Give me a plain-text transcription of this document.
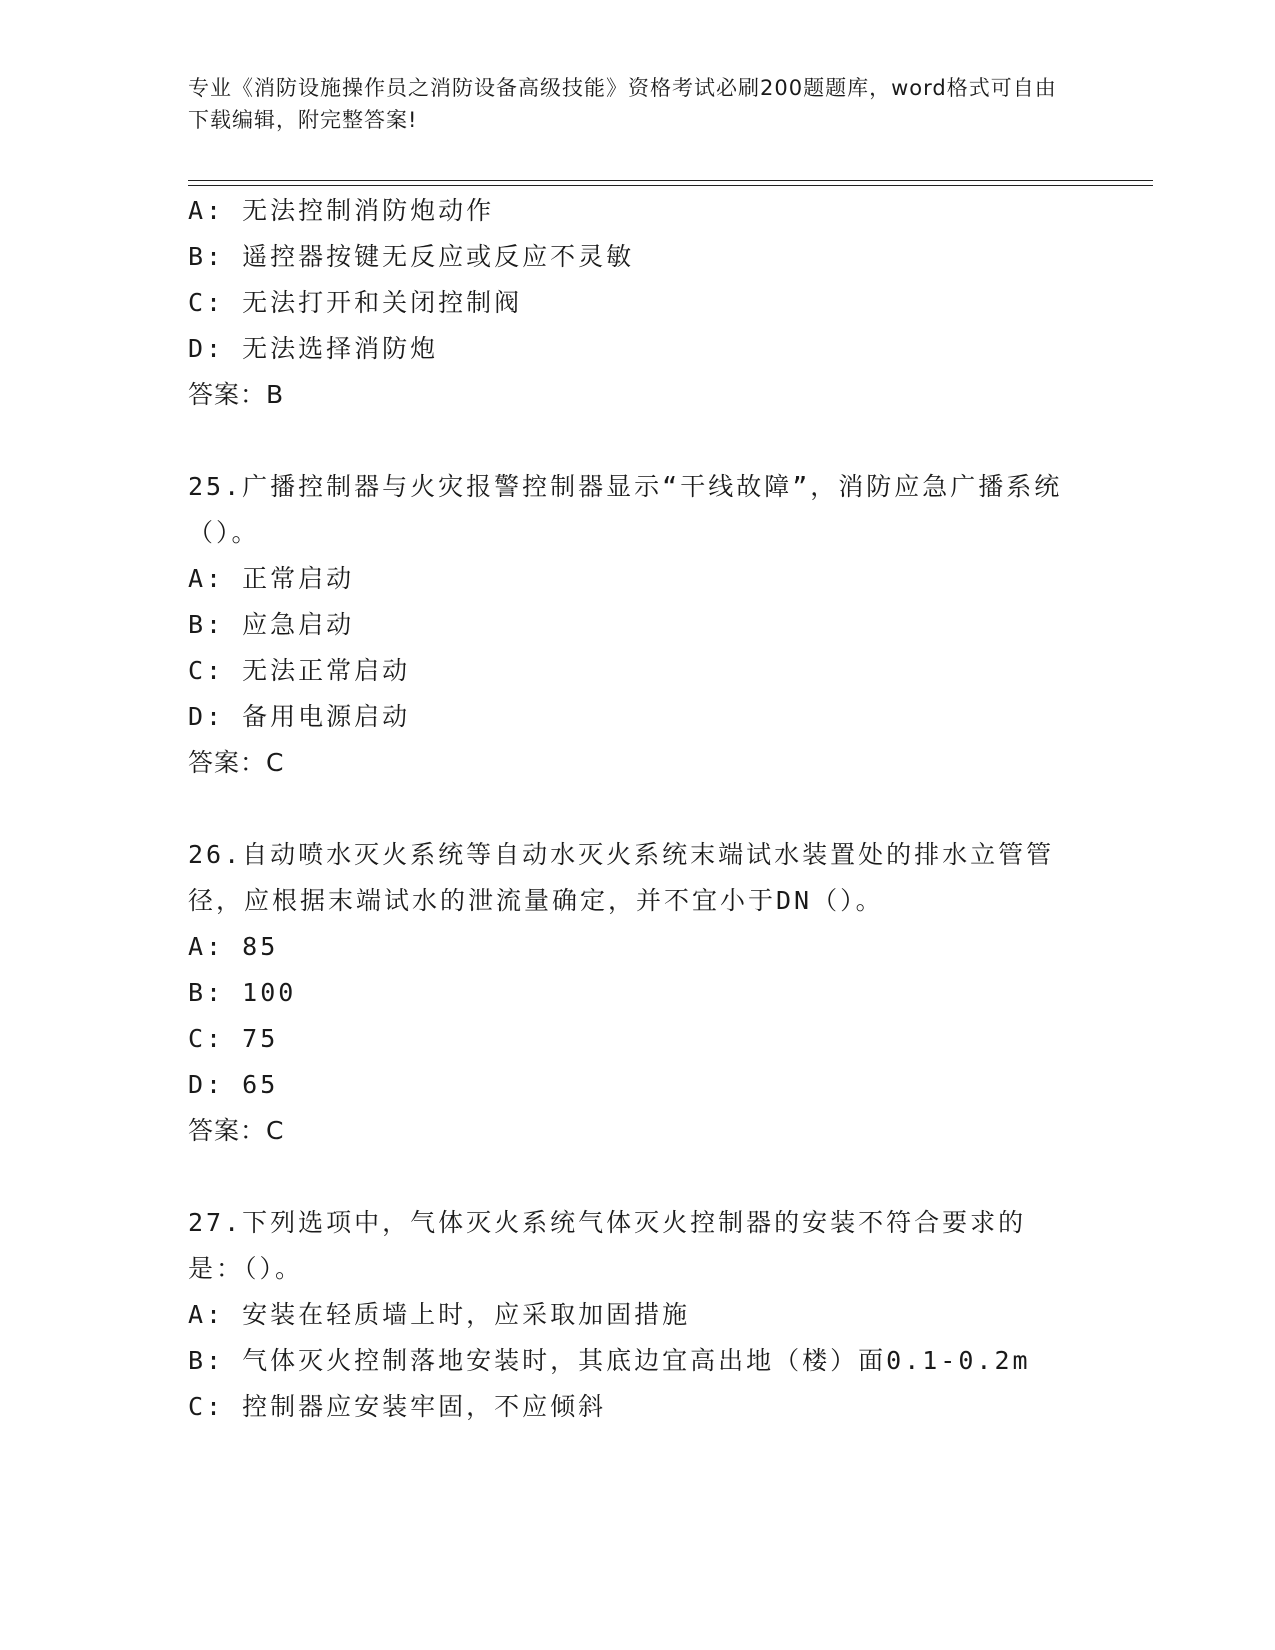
专业《消防设施操作员之消防设备高级技能》资格考试必刷200题题库，word格式可自由下载编辑，附完整答案!
A: 无法控制消防炮动作
B: 遥控器按键无反应或反应不灵敏
C: 无法打开和关闭控制阀
D: 无法选择消防炮
答案：B
25.广播控制器与火灾报警控制器显示“干线故障”，消防应急广播系统（）。
A: 正常启动
B: 应急启动
C: 无法正常启动
D: 备用电源启动
答案：C
26.自动喷水灭火系统等自动水灭火系统末端试水装置处的排水立管管径，应根据末端试水的泄流量确定，并不宜小于DN（）。
A: 85
B: 100
C: 75
D: 65
答案：C
27.下列选项中，气体灭火系统气体灭火控制器的安装不符合要求的是：（）。
A: 安装在轻质墙上时，应采取加固措施
B: 气体灭火控制落地安装时，其底边宜高出地（楼）面0.1-0.2m
C: 控制器应安装牢固，不应倾斜
